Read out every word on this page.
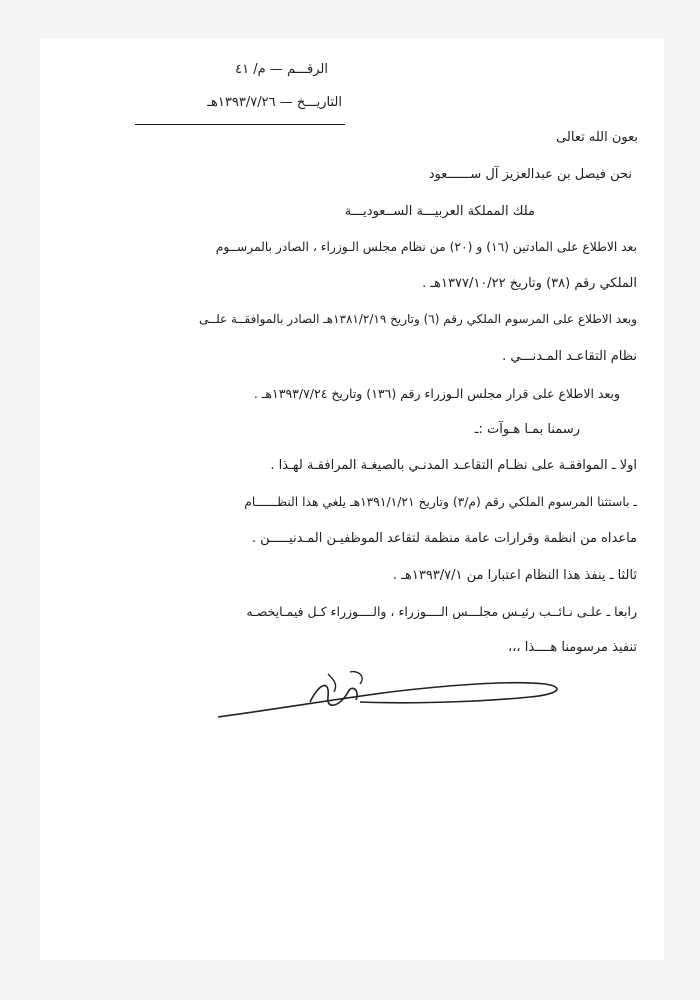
الرقـــم — م/ ٤١
التاريـــخ — ١٣٩٣/٧/٢٦هـ
بعون الله تعالى
نحن فيصل بن عبدالعزيز آل ســــــعود
ملك المملكة العربيـــة الســعوديـــة
بعد الاطلاع على المادتين (١٦) و (٢٠) من نظام مجلس الـوزراء ، الصادر بالمرســوم
الملكي رقم (٣٨) وتاريخ ١٣٧٧/١٠/٢٢هـ .
وبعد الاطلاع على المرسوم الملكي رقم (٦) وتاريخ ١٣٨١/٢/١٩هـ الصادر بالموافقــة علــى
نظام التقاعـد المـدنـــي .
وبعد الاطلاع على قرار مجلس الـوزراء رقم (١٣٦) وتاريخ ١٣٩٣/٧/٢٤هـ .
رسمنا بمـا هـوآت :ـ
اولا ـ الموافقـة على نظـام التقاعـد المدنـي بالصيغـة المرافقـة لهـذا .
ـ باستثنا المرسوم الملكي رقم (م/٣) وتاريخ ١٣٩١/١/٢١هـ يلغي هذا النظــــــام
ماعداه من انظمة وقرارات عامة منظمة لتقاعد الموظفيـن المـدنيـــــن .
ثالثا ـ ينفذ هذا النظام اعتبارا من ١٣٩٣/٧/١هـ .
رابعا ـ علـى نـائــب رئيـس مجلـــس الــــوزراء ، والــــوزراء كـل فيمـايخصـه
تنفيذ مرسومنا هــــذا ،،،
